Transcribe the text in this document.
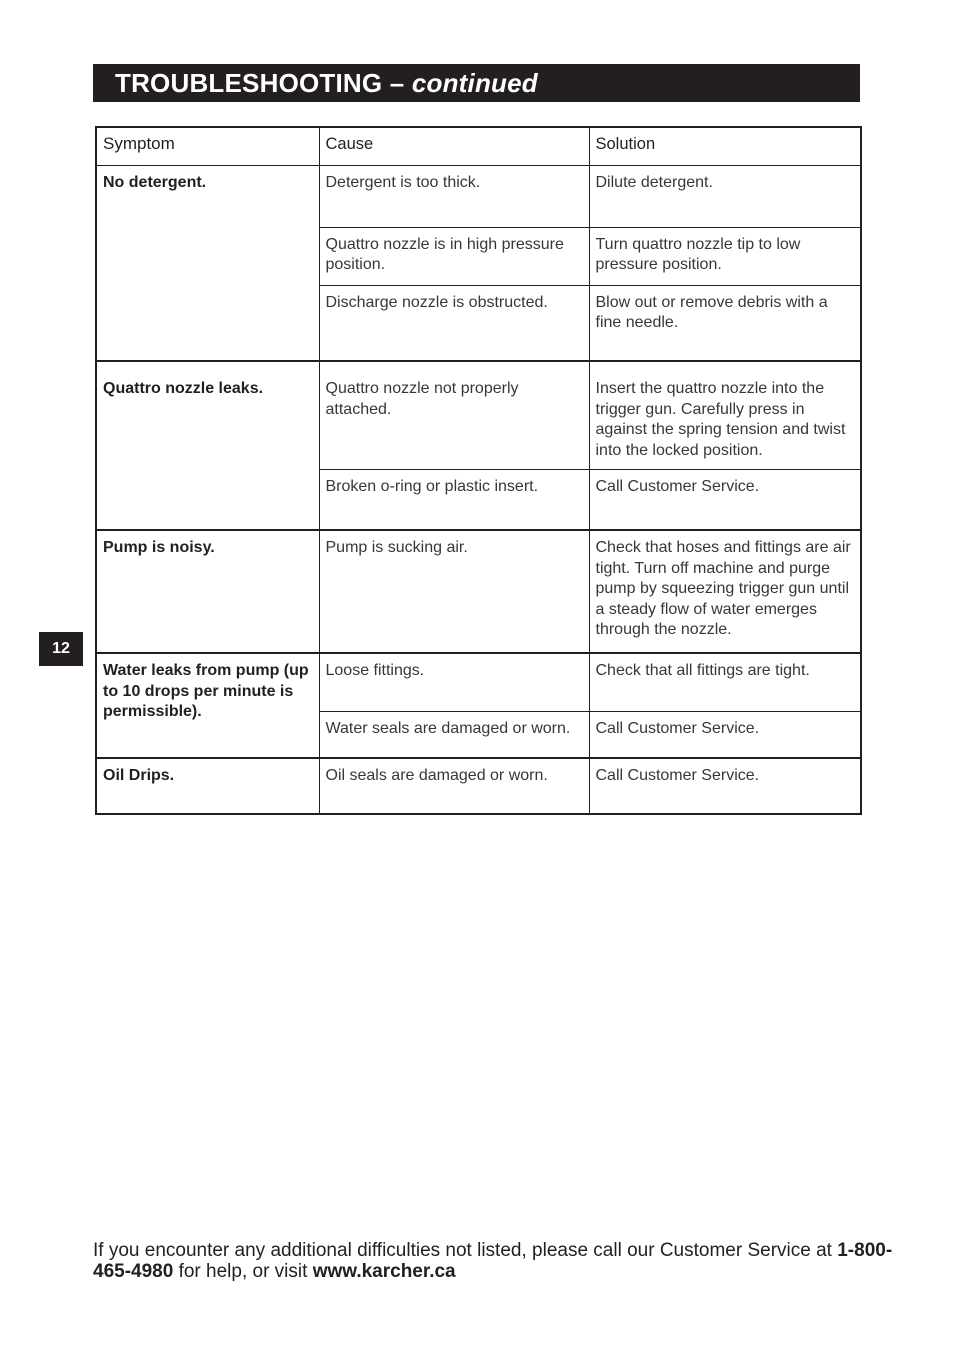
TROUBLESHOOTING – continued
12
Symptom	Cause	Solution
No detergent.	Detergent is too thick.	Dilute detergent.
	Quattro nozzle is in high pressure position.	Turn quattro nozzle tip to low pressure position.
	Discharge nozzle is obstructed.	Blow out or remove debris with a fine needle.
Quattro nozzle leaks.	Quattro nozzle not properly attached.	Insert the quattro nozzle into the trigger gun. Carefully press in against the spring tension and twist into the locked position.
	Broken o-ring or plastic insert.	Call Customer Service.
Pump is noisy.	Pump is sucking air.	Check that hoses and fittings are air tight. Turn off machine and purge pump by squeezing trigger gun until a steady flow of water emerges through the nozzle.
Water leaks from pump (up to 10 drops per minute is permissible).	Loose fittings.	Check that all fittings are tight.
	Water seals are damaged or worn.	Call Customer Service.
Oil Drips.	Oil seals are damaged or worn.	Call Customer Service.
If you encounter any additional difficulties not listed, please call our Customer Service at 1-800-465-4980 for help, or visit www.karcher.ca
